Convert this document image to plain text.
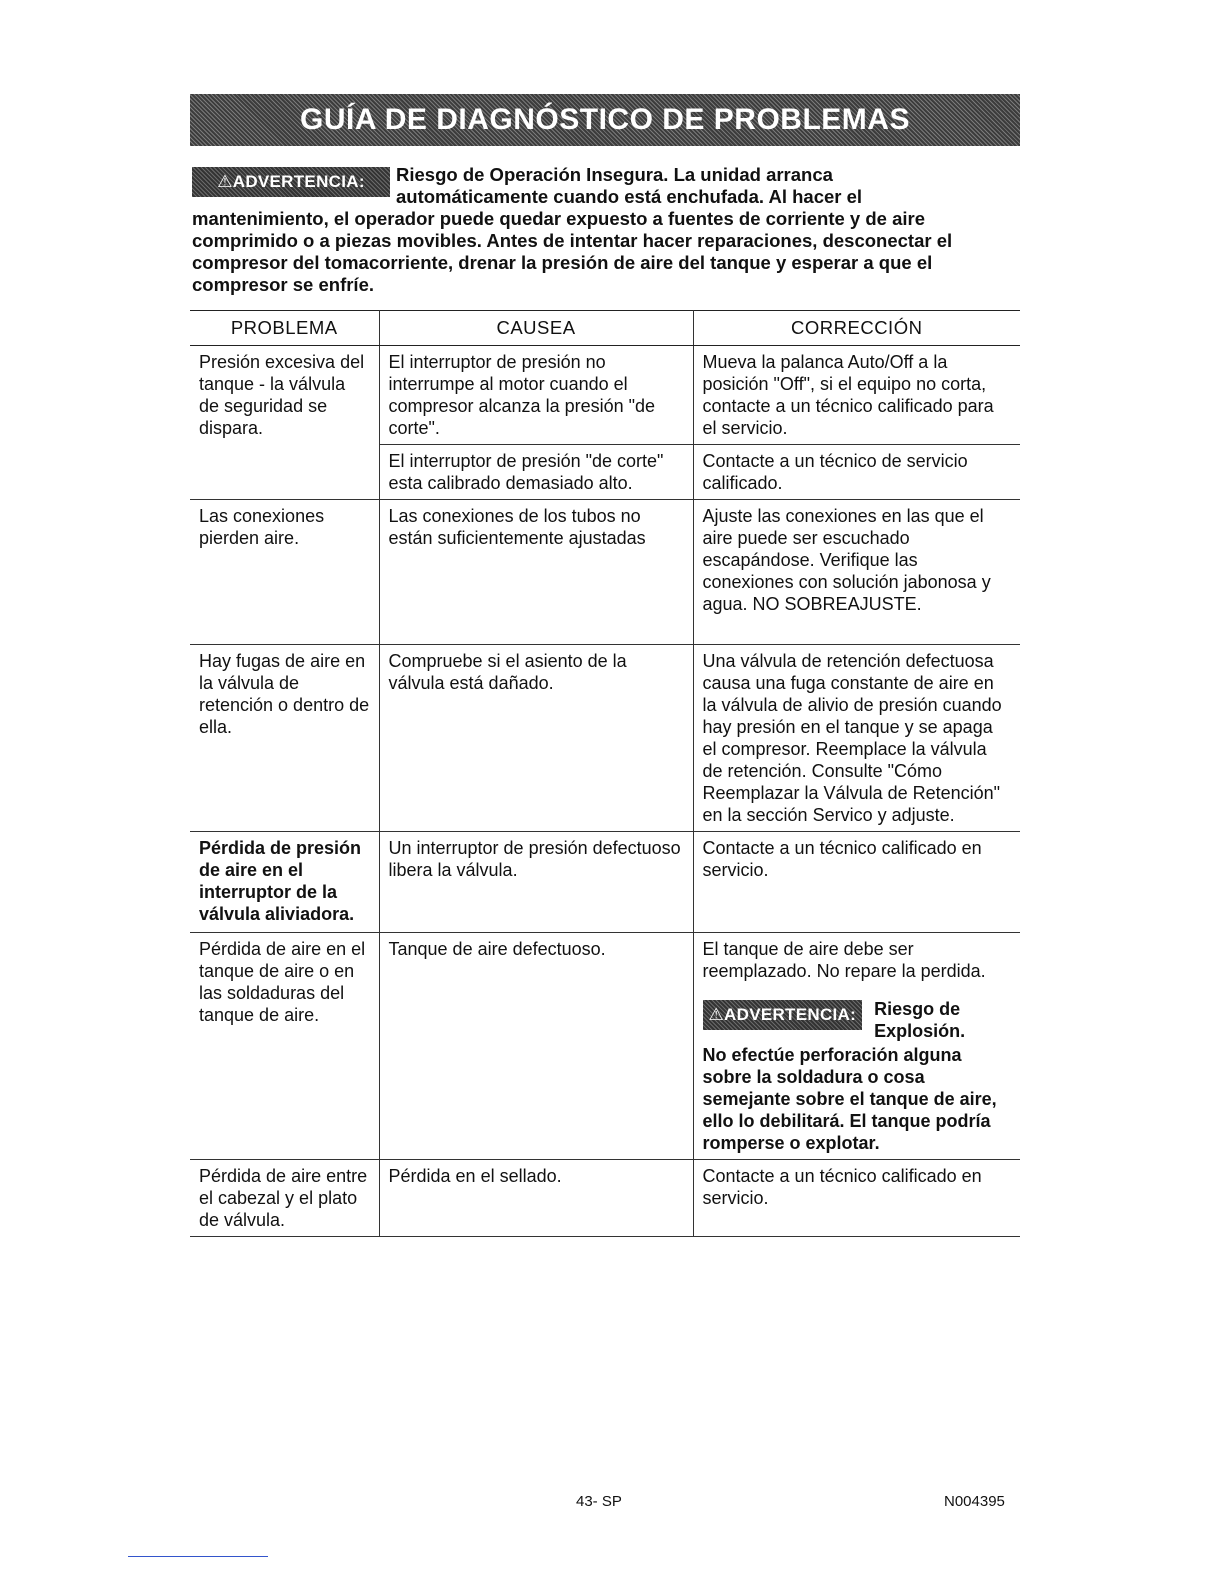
GUÍA DE DIAGNÓSTICO DE PROBLEMAS
⚠ADVERTENCIA:	Riesgo de Operación Insegura. La unidad arranca
automáticamente cuando está enchufada. Al hacer el
mantenimiento, el operador puede quedar expuesto a fuentes de corriente y de aire comprimido o a piezas movibles. Antes de intentar hacer reparaciones, desconectar el compresor del tomacorriente, drenar la presión de aire del tanque y esperar a que el compresor se enfríe.
PROBLEMA	CAUSEA	CORRECCIÓN
Presión excesiva del tanque - la válvula de seguridad se dispara.	El interruptor de presión no interrumpe al motor cuando el compresor alcanza la presión "de corte".	Mueva la palanca Auto/Off a la posición "Off", si el equipo no corta, contacte a un técnico calificado para el servicio.
	El interruptor de presión "de corte" esta calibrado demasiado alto.	Contacte a un técnico de servicio calificado.
Las conexiones pierden aire.	Las conexiones de los tubos no están suficientemente ajustadas	Ajuste las conexiones en las que el aire puede ser escuchado escapándose. Verifique las conexiones con solución jabonosa y agua. NO SOBREAJUSTE.
Hay fugas de aire en la válvula de retención o dentro de ella.	Compruebe si el asiento de la válvula está dañado.	Una válvula de retención defectuosa causa una fuga constante de aire en la válvula de alivio de presión cuando hay presión en el tanque y se apaga el compresor. Reemplace la válvula de retención. Consulte "Cómo Reemplazar la Válvula de Retención" en la sección Servico y adjuste.
Pérdida de presión de aire en el interruptor de la válvula aliviadora.	Un interruptor de presión defectuoso libera la válvula.	Contacte a un técnico calificado en servicio.
Pérdida de aire en el tanque de aire o en las soldaduras del tanque de aire.	Tanque de aire defectuoso.	El tanque de aire debe ser reemplazado. No repare la perdida.
⚠ADVERTENCIA: Riesgo de Explosión.
No efectúe perforación alguna sobre la soldadura o cosa semejante sobre el tanque de aire, ello lo debilitará. El tanque podría romperse o explotar.

Pérdida de aire entre el cabezal y el plato de válvula.	Pérdida en el sellado.	Contacte a un técnico calificado en servicio.
43- SP	N004395
